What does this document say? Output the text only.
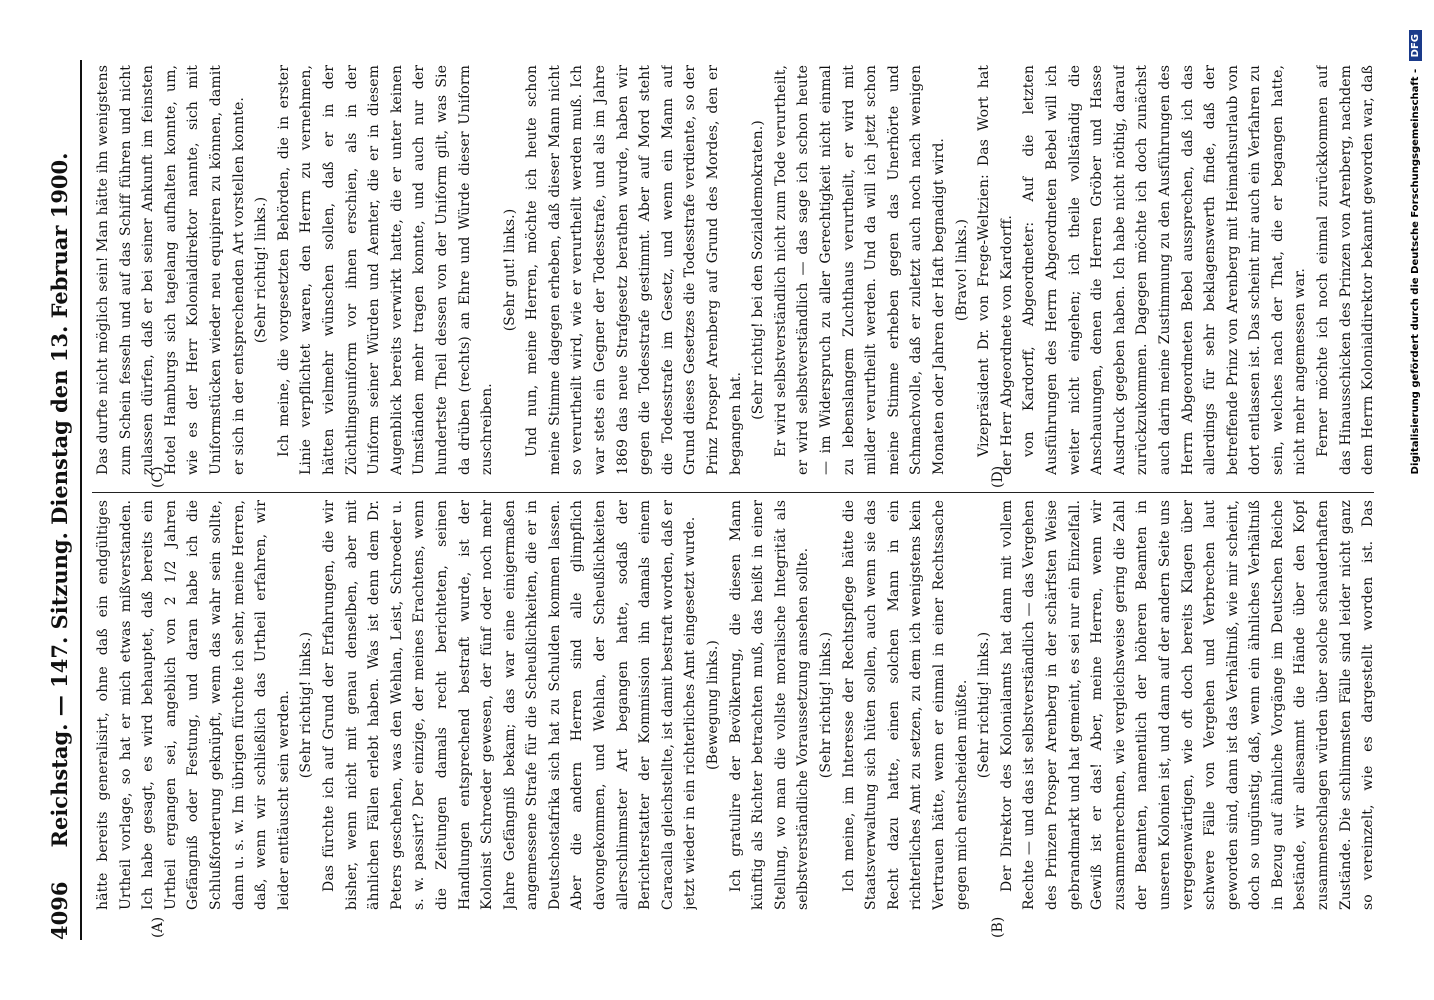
4096
Reichstag. — 147. Sitzung. Dienstag den 13. Februar 1900.
(A)	(B)
(C)	(D)

hätte bereits generalisirt, ohne daß ein endgültiges Urtheil vorlage, so hat er mich etwas mißverstanden. Ich habe gesagt, es wird behauptet, daß bereits ein Urtheil ergangen sei, angeblich von 2 1/2 Jahren Gefängniß oder Festung, und daran habe ich die Schlußforderung geknüpft, wenn das wahr sein sollte, dann u. s. w. Im übrigen fürchte ich sehr, meine Herren, daß, wenn wir schließlich das Urtheil erfahren, wir leider enttäuscht sein werden. (Sehr richtig! links.) Das fürchte ich auf Grund der Erfahrungen, die wir bisher, wenn nicht mit genau denselben, aber mit ähnlichen Fällen erlebt haben. Was ist denn dem Dr. Peters geschehen, was den Wehlan, Leist, Schroeder u. s. w. passirt? Der einzige, der meines Erachtens, wenn die Zeitungen damals recht berichteten, seinen Handlungen entsprechend bestraft wurde, ist der Kolonist Schroeder gewesen, der fünf oder noch mehr Jahre Gefängniß bekam; das war eine einigermaßen angemessene Strafe für die Scheußlichkeiten, die er in Deutschostafrika sich hat zu Schulden kommen lassen. Aber die andern Herren sind alle glimpflich davongekommen, und Wehlan, der Scheußlichkeiten allerschlimmster Art begangen hatte, sodaß der Berichterstatter der Kommission ihn damals einem Caracalla gleichstellte, ist damit bestraft worden, daß er jetzt wieder in ein richterliches Amt eingesetzt wurde. (Bewegung links.) Ich gratulire der Bevölkerung, die diesen Mann künftig als Richter betrachten muß, das heißt in einer Stellung, wo man die vollste moralische Integrität als selbstverständliche Voraussetzung ansehen sollte. (Sehr richtig! links.) Ich meine, im Interesse der Rechtspflege hätte die Staatsverwaltung sich hüten sollen, auch wenn sie das Recht dazu hatte, einen solchen Mann in ein richterliches Amt zu setzen, zu dem ich wenigstens kein Vertrauen hätte, wenn er einmal in einer Rechtssache gegen mich entscheiden müßte. (Sehr richtig! links.)

Der Direktor des Kolonialamts hat dann mit vollem Rechte — und das ist selbstverständlich — das Vergehen des Prinzen Prosper Arenberg in der schärfsten Weise gebrandmarkt und hat gemeint, es sei nur ein Einzelfall. Gewiß ist er das! Aber, meine Herren, wenn wir zusammenrechnen, wie vergleichsweise gering die Zahl der Beamten, namentlich der höheren Beamten in unseren Kolonien ist, und dann auf der andern Seite uns vergegenwärtigen, wie oft doch bereits Klagen über schwere Fälle von Vergehen und Verbrechen laut geworden sind, dann ist das Verhältniß, wie mir scheint, doch so ungünstig, daß, wenn ein ähnliches Verhältniß in Bezug auf ähnliche Vorgänge im Deutschen Reiche bestände, wir allesammt die Hände über den Kopf zusammenschlagen würden über solche schauderhaften Zustände. Die schlimmsten Fälle sind leider nicht ganz so vereinzelt, wie es dargestellt worden ist. Das

Das durfte nicht möglich sein! Man hätte ihn wenigstens zum Schein fesseln und auf das Schiff führen und nicht zulassen dürfen, daß er bei seiner Ankunft im feinsten Hotel Hamburgs sich tagelang aufhalten konnte, um, wie es der Herr Kolonialdirektor nannte, sich mit Uniformstücken wieder neu equipiren zu können, damit er sich in der entsprechenden Art vorstellen konnte. (Sehr richtig! links.) Ich meine, die vorgesetzten Behörden, die in erster Linie verpflichtet waren, den Herrn zu vernehmen, hätten vielmehr wünschen sollen, daß er in der Züchtlingsuniform vor ihnen erschien, als in der Uniform seiner Würden und Aemter, die er in diesem Augenblick bereits verwirkt hatte, die er unter keinen Umständen mehr tragen konnte, und auch nur der hundertste Theil dessen von der Uniform gilt, was Sie da drüben (rechts) an Ehre und Würde dieser Uniform zuschreiben.

(Sehr gut! links.) Und nun, meine Herren, möchte ich heute schon meine Stimme dagegen erheben, daß dieser Mann nicht so verurtheilt wird, wie er verurtheilt werden muß. Ich war stets ein Gegner der Todesstrafe, und als im Jahre 1869 das neue Strafgesetz berathen wurde, haben wir gegen die Todesstrafe gestimmt. Aber auf Mord steht die Todesstrafe im Gesetz, und wenn ein Mann auf Grund dieses Gesetzes die Todesstrafe verdiente, so der Prinz Prosper Arenberg auf Grund des Mordes, den er begangen hat.

(Sehr richtig! bei den Sozialdemokraten.) Er wird selbstverständlich nicht zum Tode verurtheilt, er wird selbstverständlich — das sage ich schon heute — im Widerspruch zu aller Gerechtigkeit nicht einmal zu lebenslangem Zuchthaus verurtheilt, er wird mit milder verurtheilt werden. Und da will ich jetzt schon meine Stimme erheben gegen das Unerhörte und Schmachvolle, daß er zuletzt auch noch nach wenigen Monaten oder Jahren der Haft begnadigt wird. (Bravo! links.) Vizepräsident Dr. von Frege-Weltzien: Das Wort hat der Herr Abgeordnete von Kardorff. von Kardorff, Abgeordneter: Auf die letzten Ausführungen des Herrn Abgeordneten Bebel will ich weiter nicht eingehen; ich theile vollständig die Anschauungen, denen die Herren Gröber und Hasse Ausdruck gegeben haben. Ich habe nicht nöthig, darauf zurückzukommen. Dagegen möchte ich doch zunächst auch darin meine Zustimmung zu den Ausführungen des Herrn Abgeordneten Bebel aussprechen, daß ich das allerdings für sehr beklagenswerth finde, daß der betreffende Prinz von Arenberg mit Heimathsurlaub von dort entlassen ist. Das scheint mir auch ein Verfahren zu sein, welches nach der That, die er begangen hatte, nicht mehr angemessen war. Ferner möchte ich noch einmal zurückkommen auf das Hinausschicken des Prinzen von Arenberg, nachdem dem Herrn Kolonialdirektor bekannt geworden war, daß	Digitalisierung gefördert durch die Deutsche Forschungsgemeinschaft - DFG
